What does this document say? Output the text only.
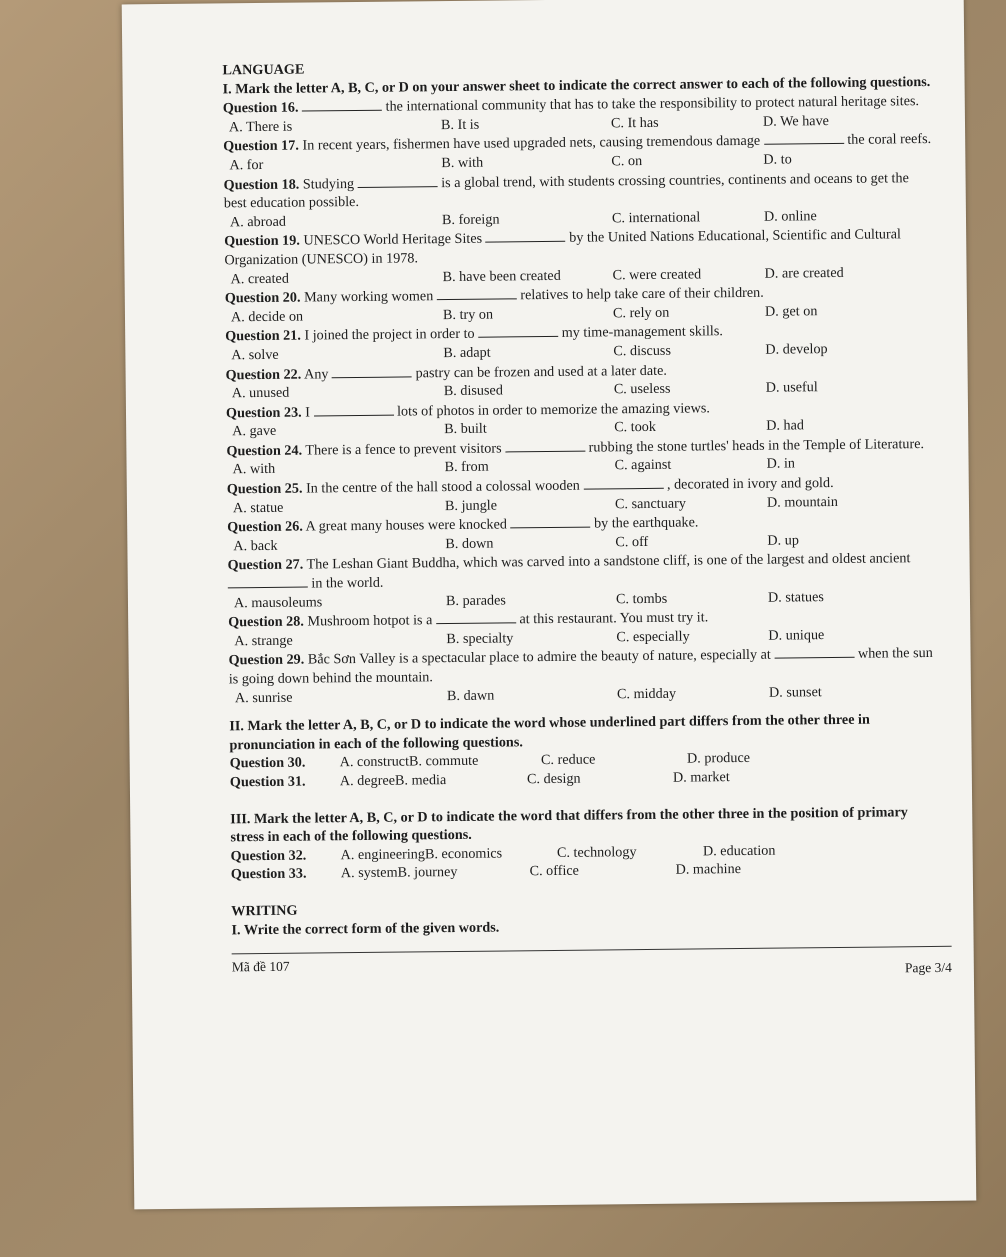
LANGUAGE
I. Mark the letter A, B, C, or D on your answer sheet to indicate the correct answer to each of the following questions.
Question 16.	the international community that has to take the responsibility to protect natural heritage sites.
A. There is	B. It is	C. It has	D. We have
Question 17. In recent years, fishermen have used upgraded nets, causing tremendous damage	the coral reefs.
A. for	B. with	C. on	D. to
Question 18. Studying	is a global trend, with students crossing countries, continents and oceans to get the best education possible.
A. abroad	B. foreign	C. international	D. online
Question 19. UNESCO World Heritage Sites	by the United Nations Educational, Scientific and Cultural Organization (UNESCO) in 1978.
A. created	B. have been created	C. were created	D. are created
Question 20. Many working women	relatives to help take care of their children.
A. decide on	B. try on	C. rely on	D. get on
Question 21. I joined the project in order to	my time-management skills.
A. solve	B. adapt	C. discuss	D. develop
Question 22. Any	pastry can be frozen and used at a later date.
A. unused	B. disused	C. useless	D. useful
Question 23. I	lots of photos in order to memorize the amazing views.
A. gave	B. built	C. took	D. had
Question 24. There is a fence to prevent visitors	rubbing the stone turtles' heads in the Temple of Literature.
A. with	B. from	C. against	D. in
Question 25. In the centre of the hall stood a colossal wooden	, decorated in ivory and gold.
A. statue	B. jungle	C. sanctuary	D. mountain
Question 26. A great many houses were knocked	by the earthquake.
A. back	B. down	C. off	D. up
Question 27. The Leshan Giant Buddha, which was carved into a sandstone cliff, is one of the largest and oldest ancient  in the world.
A. mausoleums	B. parades	C. tombs	D. statues
Question 28. Mushroom hotpot is a	at this restaurant. You must try it.
A. strange	B. specialty	C. especially	D. unique
Question 29. Bắc Sơn Valley is a spectacular place to admire the beauty of nature, especially at	when the sun is going down behind the mountain.
A. sunrise	B. dawn	C. midday	D. sunset
II. Mark the letter A, B, C, or D to indicate the word whose underlined part differs from the other three in pronunciation in each of the following questions.
Question 30.	A. construct B. commute	C. reduce	D. produce
Question 31.	A. degree B. media	C. design	D. market
III. Mark the letter A, B, C, or D to indicate the word that differs from the other three in the position of primary stress in each of the following questions.
Question 32.	A. engineering B. economics	C. technology	D. education
Question 33.	A. system B. journey	C. office	D. machine
WRITING
I. Write the correct form of the given words.
Mã đề 107	Page 3/4
